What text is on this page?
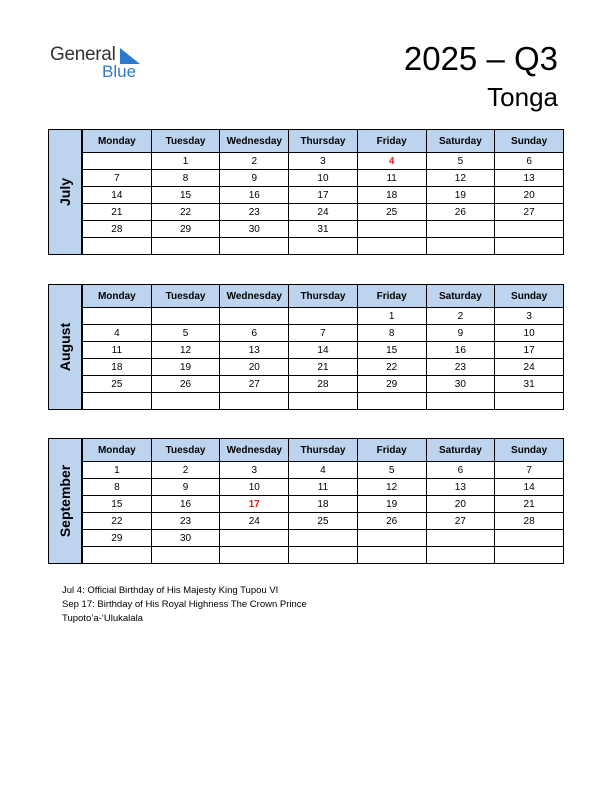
General
Blue	2025 – Q3
Tonga
July
Monday	Tuesday	Wednesday	Thursday	Friday	Saturday	Sunday
	1	2	3	4	5	6
7	8	9	10	11	12	13
14	15	16	17	18	19	20
21	22	23	24	25	26	27
28	29	30	31			

August
Monday	Tuesday	Wednesday	Thursday	Friday	Saturday	Sunday
				1	2	3
4	5	6	7	8	9	10
11	12	13	14	15	16	17
18	19	20	21	22	23	24
25	26	27	28	29	30	31

September
Monday	Tuesday	Wednesday	Thursday	Friday	Saturday	Sunday
1	2	3	4	5	6	7
8	9	10	11	12	13	14
15	16	17	18	19	20	21
22	23	24	25	26	27	28
29	30					

Jul 4: Official Birthday of His Majesty King Tupou VI
Sep 17: Birthday of His Royal Highness The Crown Prince Tupoto’a-‘Ulukalala
